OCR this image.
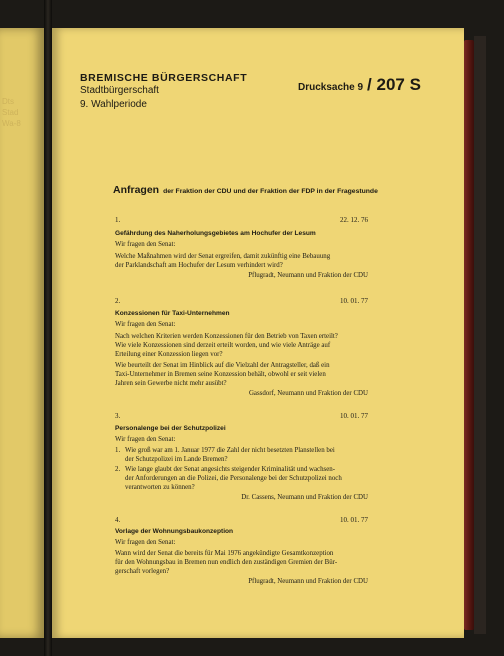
Dts
Stad
Wa-8
BREMISCHE BÜRGERSCHAFT
Stadtbürgerschaft
9. Wahlperiode
Drucksache 9 / 207 S
Anfragen der Fraktion der CDU und der Fraktion der FDP in der Fragestunde
1.	22. 12. 76
Gefährdung des Naherholungsgebietes am Hochufer der Lesum
Wir fragen den Senat:
Welche Maßnahmen wird der Senat ergreifen, damit zukünftig eine Bebauung
der Parklandschaft am Hochufer der Lesum verhindert wird?
Pflugradt, Neumann und Fraktion der CDU
2.	10. 01. 77
Konzessionen für Taxi-Unternehmen
Wir fragen den Senat:
Nach welchen Kriterien werden Konzessionen für den Betrieb von Taxen erteilt?
Wie viele Konzessionen sind derzeit erteilt worden, und wie viele Anträge auf
Erteilung einer Konzession liegen vor?
Wie beurteilt der Senat im Hinblick auf die Vielzahl der Antragsteller, daß ein
Taxi-Unternehmer in Bremen seine Konzession behält, obwohl er seit vielen
Jahren sein Gewerbe nicht mehr ausübt?
Gassdorf, Neumann und Fraktion der CDU
3.	10. 01. 77
Personalenge bei der Schutzpolizei
Wir fragen den Senat:
1. Wie groß war am 1. Januar 1977 die Zahl der nicht besetzten Planstellen bei
der Schutzpolizei im Lande Bremen?
2. Wie lange glaubt der Senat angesichts steigender Kriminalität und wachsen-
der Anforderungen an die Polizei, die Personalenge bei der Schutzpolizei noch
verantworten zu können?
Dr. Cassens, Neumann und Fraktion der CDU
4.	10. 01. 77
Vorlage der Wohnungsbaukonzeption
Wir fragen den Senat:
Wann wird der Senat die bereits für Mai 1976 angekündigte Gesamtkonzeption
für den Wohnungsbau in Bremen nun endlich den zuständigen Gremien der Bür-
gerschaft vorlegen?
Pflugradt, Neumann und Fraktion der CDU
